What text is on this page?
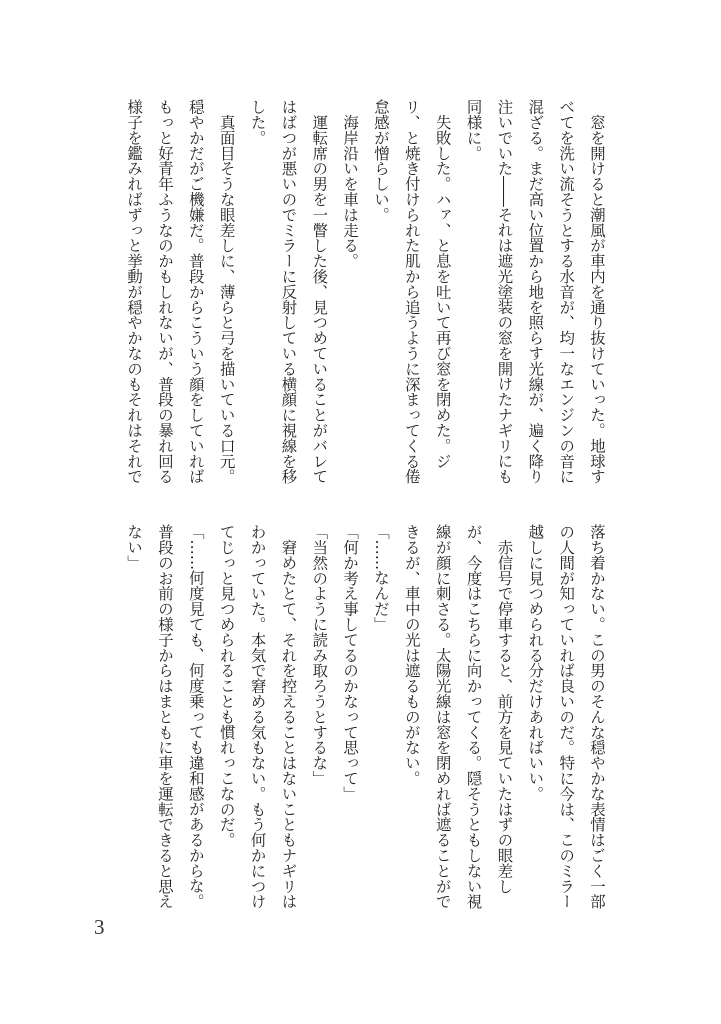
　窓を開けると潮風が車内を通り抜けていった。地球す
べてを洗い流そうとする水音が、均一なエンジンの音に
混ざる。まだ高い位置から地を照らす光線が、遍く降り
注いでいた――それは遮光塗装の窓を開けたナギリにも
同様に。
　失敗した。ハァ、と息を吐いて再び窓を閉めた。ジ
リ、と焼き付けられた肌から追うように深まってくる倦
怠感が憎らしい。
　海岸沿いを車は走る。
　運転席の男を一瞥した後、見つめていることがバレて
はばつが悪いのでミラーに反射している横顔に視線を移
した。
　真面目そうな眼差しに、薄らと弓を描いている口元。
穏やかだがご機嫌だ。普段からこういう顔をしていれば
もっと好青年ふうなのかもしれないが、普段の暴れ回る
様子を鑑みればずっと挙動が穏やかなのもそれはそれで
落ち着かない。この男のそんな穏やかな表情はごく一部
の人間が知っていれば良いのだ。特に今は、このミラー
越しに見つめられる分だけあればいい。
　赤信号で停車すると、前方を見ていたはずの眼差し
が、今度はこちらに向かってくる。隠そうともしない視
線が顔に刺さる。太陽光線は窓を閉めれば遮ることがで
きるが、車中の光は遮るものがない。
「……なんだ」
「何か考え事してるのかなって思って」
「当然のように読み取ろうとするな」
　窘めたとて、それを控えることはないこともナギリは
わかっていた。本気で窘める気もない。もう何かにつけ
てじっと見つめられることも慣れっこなのだ。
「……何度見ても、何度乗っても違和感があるからな。
普段のお前の様子からはまともに車を運転できると思え
ない」
3
